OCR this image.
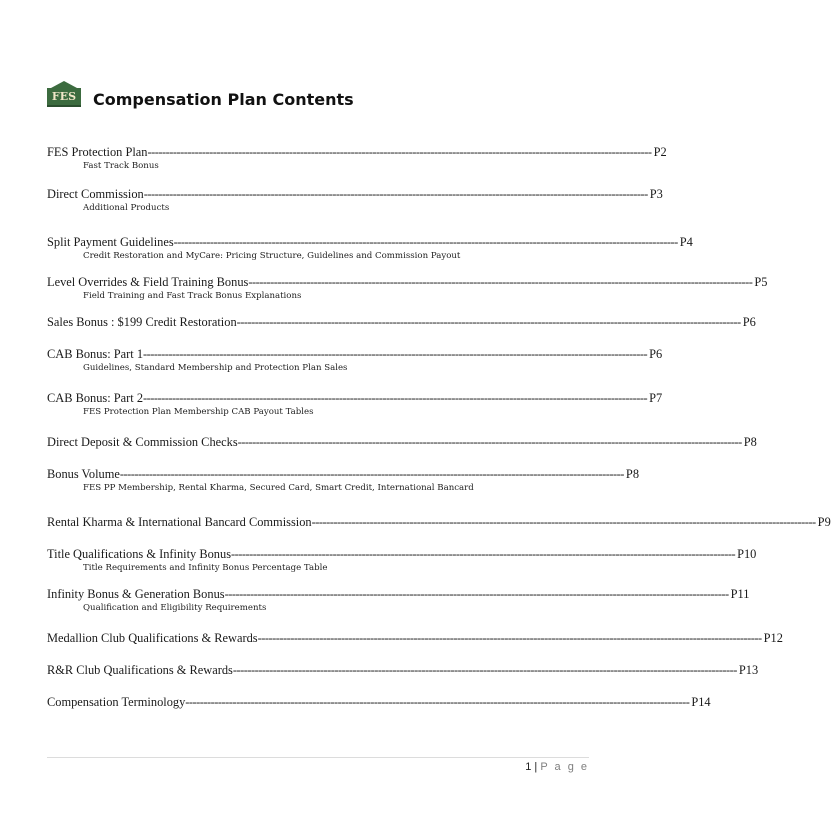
FES	Compensation Plan Contents
FES Protection Plan ------------------------------------------------------------------------------------------------------------------------------------------- P2
Fast Track Bonus
Direct Commission ------------------------------------------------------------------------------------------------------------------------------------------- P3
Additional Products
Split Payment Guidelines ------------------------------------------------------------------------------------------------------------------------------------------- P4
Credit Restoration and MyCare: Pricing Structure, Guidelines and Commission Payout
Level Overrides & Field Training Bonus ------------------------------------------------------------------------------------------------------------------------------------------- P5
Field Training and Fast Track Bonus Explanations
Sales Bonus : $199 Credit Restoration ------------------------------------------------------------------------------------------------------------------------------------------- P6
CAB Bonus: Part 1 ------------------------------------------------------------------------------------------------------------------------------------------- P6
Guidelines, Standard Membership and Protection Plan Sales
CAB Bonus: Part 2 ------------------------------------------------------------------------------------------------------------------------------------------- P7
FES Protection Plan Membership CAB Payout Tables
Direct Deposit & Commission Checks ------------------------------------------------------------------------------------------------------------------------------------------- P8
Bonus Volume ------------------------------------------------------------------------------------------------------------------------------------------- P8
FES PP Membership, Rental Kharma, Secured Card, Smart Credit, International Bancard
Rental Kharma & International Bancard Commission ------------------------------------------------------------------------------------------------------------------------------------------- P9
Title Qualifications & Infinity Bonus ------------------------------------------------------------------------------------------------------------------------------------------- P10
Title Requirements and Infinity Bonus Percentage Table
Infinity Bonus & Generation Bonus ------------------------------------------------------------------------------------------------------------------------------------------- P11
Qualification and Eligibility Requirements
Medallion Club Qualifications & Rewards ------------------------------------------------------------------------------------------------------------------------------------------- P12
R&R Club Qualifications & Rewards ------------------------------------------------------------------------------------------------------------------------------------------- P13
Compensation Terminology ------------------------------------------------------------------------------------------------------------------------------------------- P14
1 | P a g e
